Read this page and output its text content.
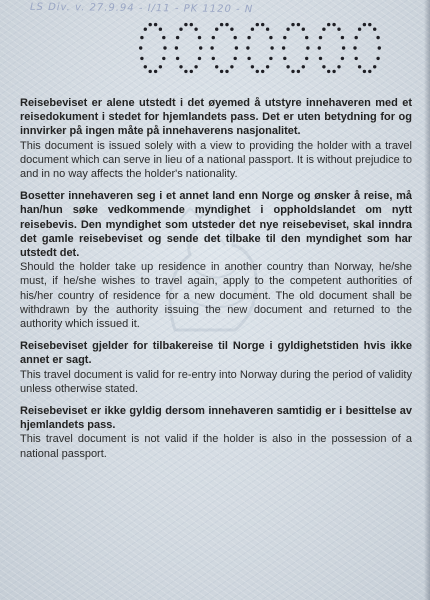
LS Div. v. 27.9.94 - I/11 - PK 1120 - N

Reisebeviset er alene utstedt i det øyemed å utstyre innehaveren med et reisedokument i stedet for hjemlandets pass. Det er uten betydning for og innvirker på ingen måte på innehaverens nasjonalitet.

This document is issued solely with a view to providing the holder with a travel document which can serve in lieu of a national passport. It is without prejudice to and in no way affects the holder's nationality.

Bosetter innehaveren seg i et annet land enn Norge og ønsker å reise, må han/hun søke vedkommende myndighet i oppholdslandet om nytt reisebevis. Den myndighet som utsteder det nye reisebeviset, skal inndra det gamle reisebeviset og sende det tilbake til den myndighet som har utstedt det.

Should the holder take up residence in another country than Norway, he/she must, if he/she wishes to travel again, apply to the competent authorities of his/her country of residence for a new document. The old document shall be withdrawn by the authority issuing the new document and returned to the authority which issued it.

Reisebeviset gjelder for tilbakereise til Norge i gyldighetstiden hvis ikke annet er sagt.

This travel document is valid for re-entry into Norway during the period of validity unless otherwise stated.

Reisebeviset er ikke gyldig dersom innehaveren samtidig er i besittelse av hjemlandets pass.

This travel document is not valid if the holder is also in the possession of a national passport.
